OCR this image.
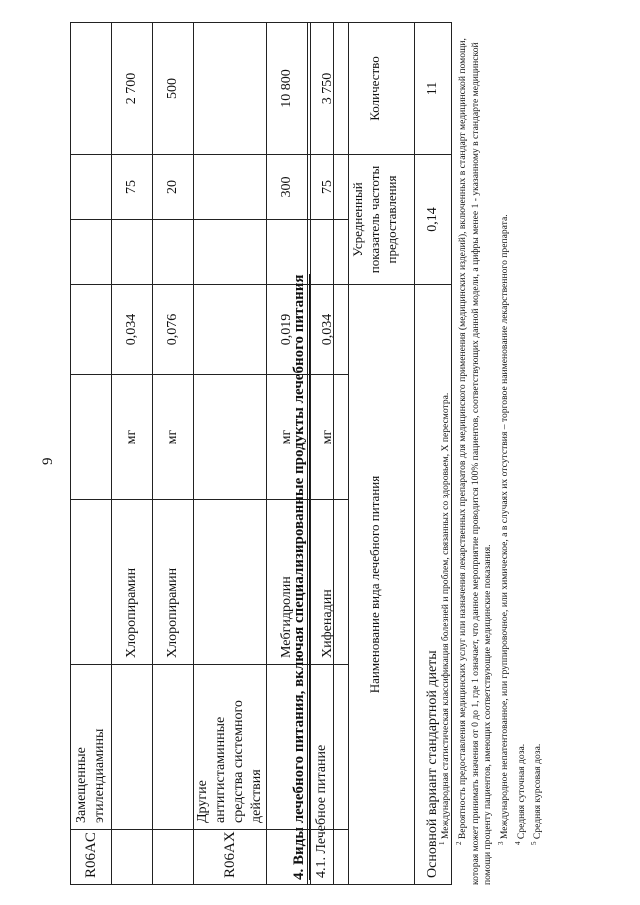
9
R06AC	Замещенные этилендиамины						
		Хлоропирамин	мг	0,034		75	2 700
		Хлоропирамин	мг	0,076		20	500
R06AX	Другие антигистаминные средства системного действия						
		Мебгидролин	мг	0,019		300	10 800
		Хифенадин	мг	0,034		75	3 750
4. Виды лечебного питания, включая специализированные продукты лечебного питания 4.1. Лечебное питание		
Наименование вида лечебного питания	Усредненный показатель частоты предоставления	Количество
Основной вариант стандартной диеты	0,14	11

$^1$ Международная статистическая классификация болезней и проблем, связанных со здоровьем, X пересмотра.

$^2$ Вероятность предоставления медицинских услуг или назначения лекарственных препаратов для медицинского применения (медицинских изделий), включенных в стандарт медицинской помощи, которая может принимать значения от 0 до 1, где 1 означает, что данное мероприятие проводится 100% пациентов, соответствующих данной модели, а цифры менее 1 - указанному в стандарте медицинской помощи проценту пациентов, имеющих соответствующие медицинские показания. $^3$ Международное непатентованное, или группировочное, или химическое, а в случаях их отсутствия – торговое наименование лекарственного препарата.

$^4$ Средняя суточная доза.

$^5$ Средняя курсовая доза.
